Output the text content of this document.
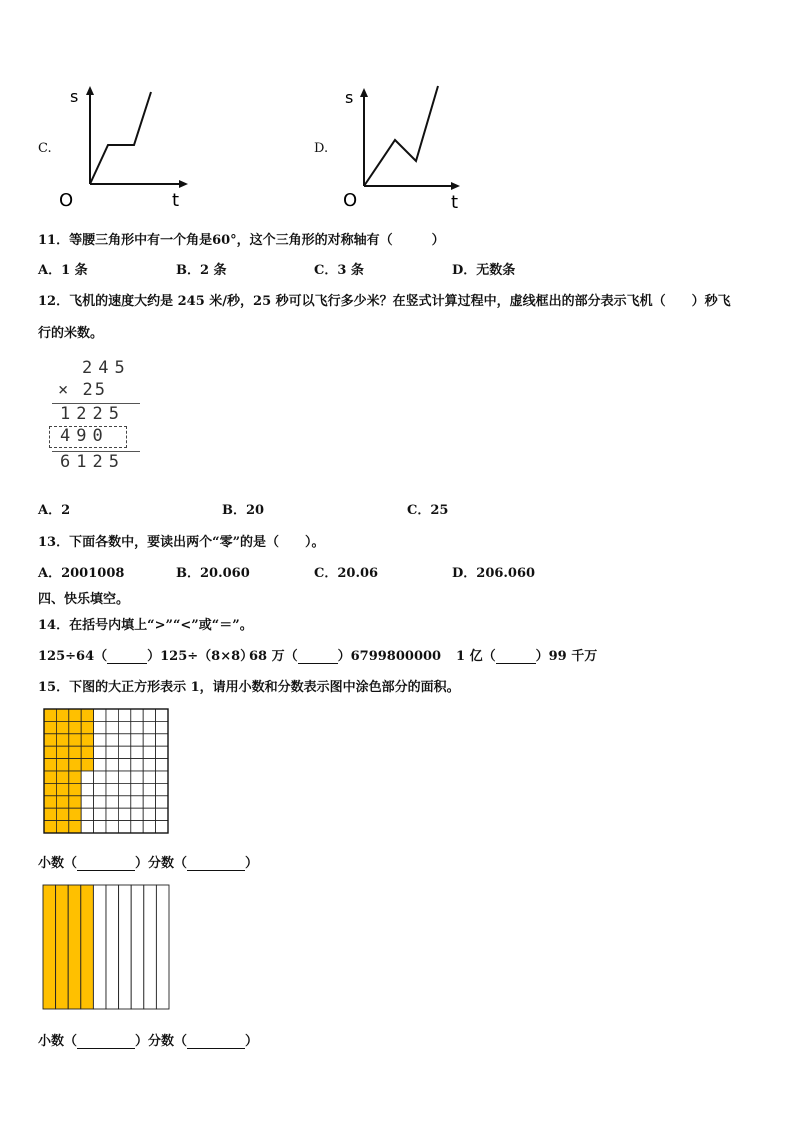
C.
s
O	t
D.
s
O	t
11．等腰三角形中有一个角是60°，这个三角形的对称轴有（　　　）
A．1 条	B．2 条	C．3 条	D．无数条
12．飞机的速度大约是 245 米/秒，25 秒可以飞行多少米？在竖式计算过程中，虚线框出的部分表示飞机（　　）秒飞
行的米数。
245
× 25
1225
490
6125
A．2	B．20	C．25
13．下面各数中，要读出两个“零”的是（　　）。
A．2001008	B．20.060	C．20.06	D．206.060
四、快乐填空。
14．在括号内填上“>”“<”或“＝”。
125÷64（	）125÷（8×8）
68 万（	）6799800000 1 亿（	）99 千万
15．下图的大正方形表示 1，请用小数和分数表示图中涂色部分的面积。
小数（	）分数（	）
小数（	）分数（	）
